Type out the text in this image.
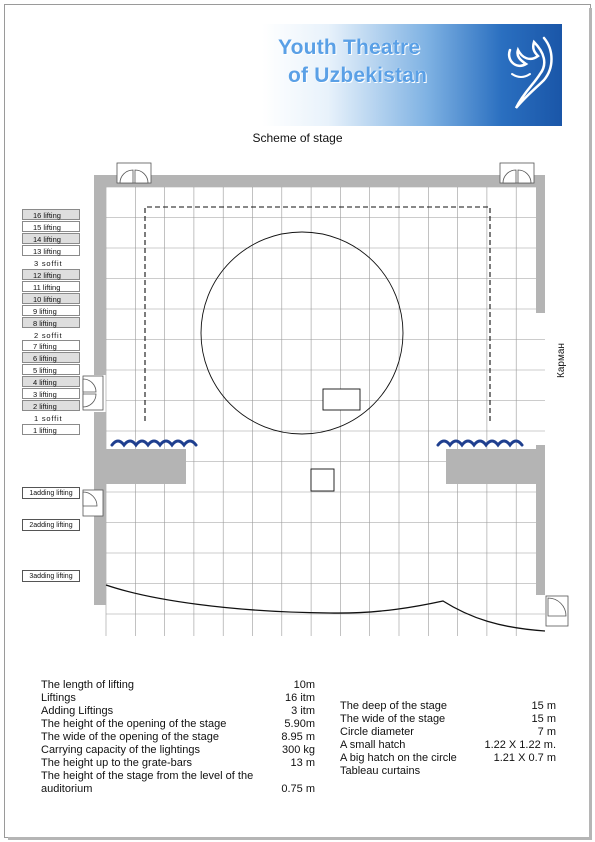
Youth Theatre
of Uzbekistan
Scheme of stage
16 lifting
15 lifting
14 lifting
13 lifting
3 soffit
12 lifting
11 lifting
10 lifting
9 lifting
8 lifting
2 soffit
7 lifting
6 lifting
5 lifting
4 lifting
3 lifting
2 lifting
1 soffit
1 lifting
1adding lifting
2adding lifting
3adding lifting
Карман
The length of lifting	10m
Liftings	16 itm
Adding Liftings	3 itm
The height of the opening of the stage	5.90m
The wide of the opening of the stage	8.95 m
Carrying capacity of the lightings	300 kg
The height up to the grate-bars	13 m
The height of the stage from the level of the auditorium	0.75 m
The deep of the stage	15 m
The wide of the stage	15 m
Circle diameter	7 m
A small hatch	1.22 X 1.22 m.
A big hatch on the circle	1.21 X 0.7 m
Tableau curtains
